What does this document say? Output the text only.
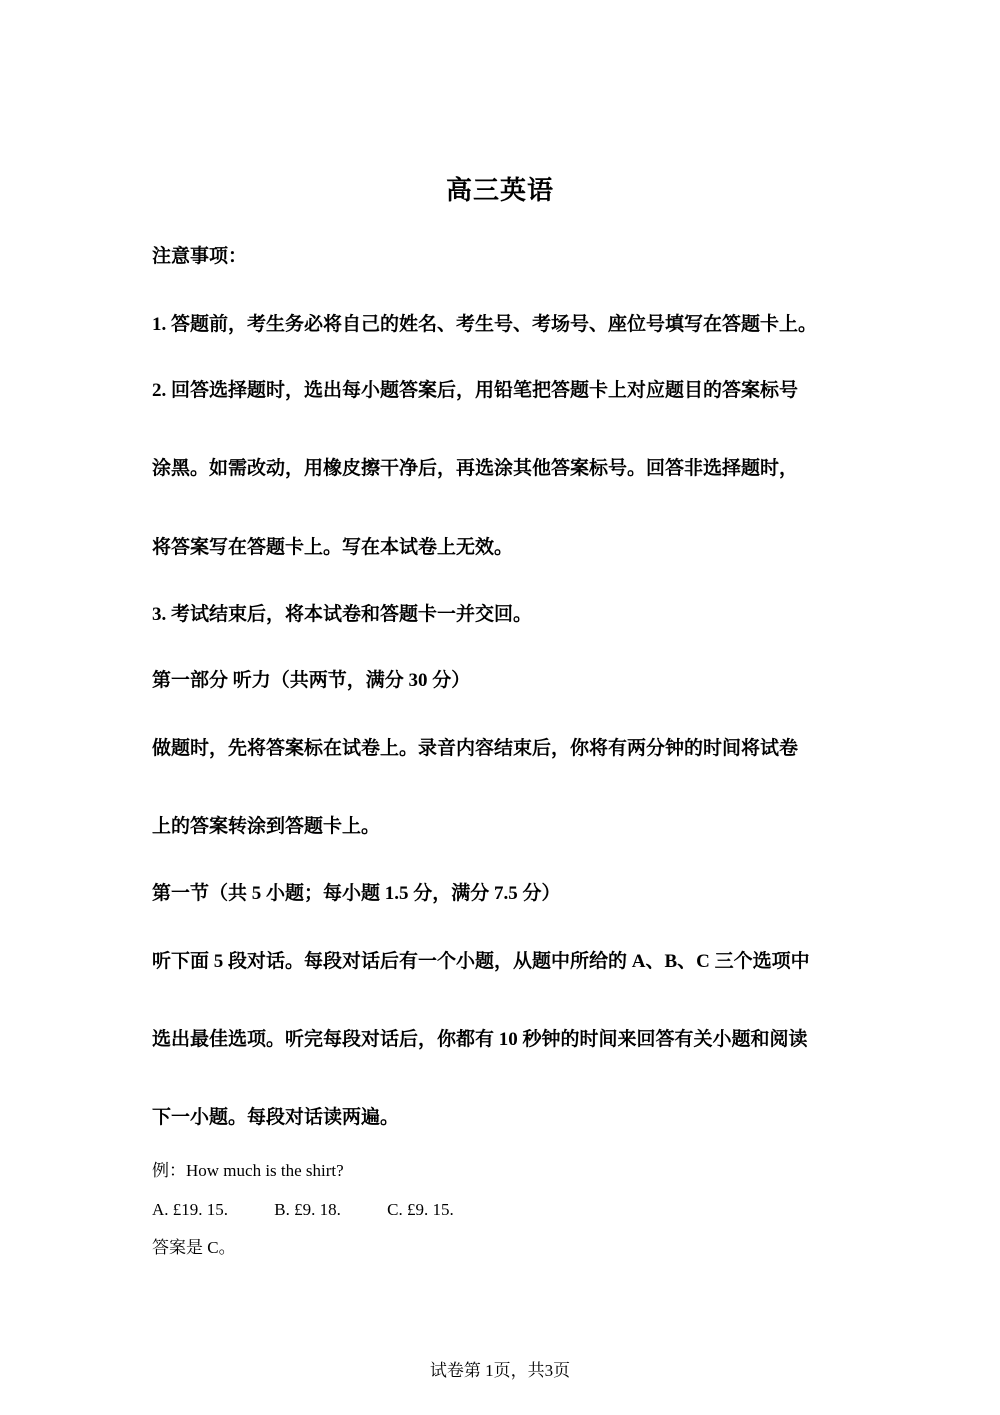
高三英语
注意事项：
1. 答题前，考生务必将自己的姓名、考生号、考场号、座位号填写在答题卡上。
2. 回答选择题时，选出每小题答案后，用铅笔把答题卡上对应题目的答案标号
涂黑。如需改动，用橡皮擦干净后，再选涂其他答案标号。回答非选择题时，
将答案写在答题卡上。写在本试卷上无效。
3. 考试结束后，将本试卷和答题卡一并交回。
第一部分 听力（共两节，满分 30 分）
做题时，先将答案标在试卷上。录音内容结束后，你将有两分钟的时间将试卷
上的答案转涂到答题卡上。
第一节（共 5 小题；每小题 1.5 分，满分 7.5 分）
听下面 5 段对话。每段对话后有一个小题，从题中所给的 A、B、C 三个选项中
选出最佳选项。听完每段对话后，你都有 10 秒钟的时间来回答有关小题和阅读
下一小题。每段对话读两遍。
例：How much is the shirt?
A. £19. 15.	B. £9. 18.	C. £9. 15.
答案是 C。
试卷第 1页，共3页
